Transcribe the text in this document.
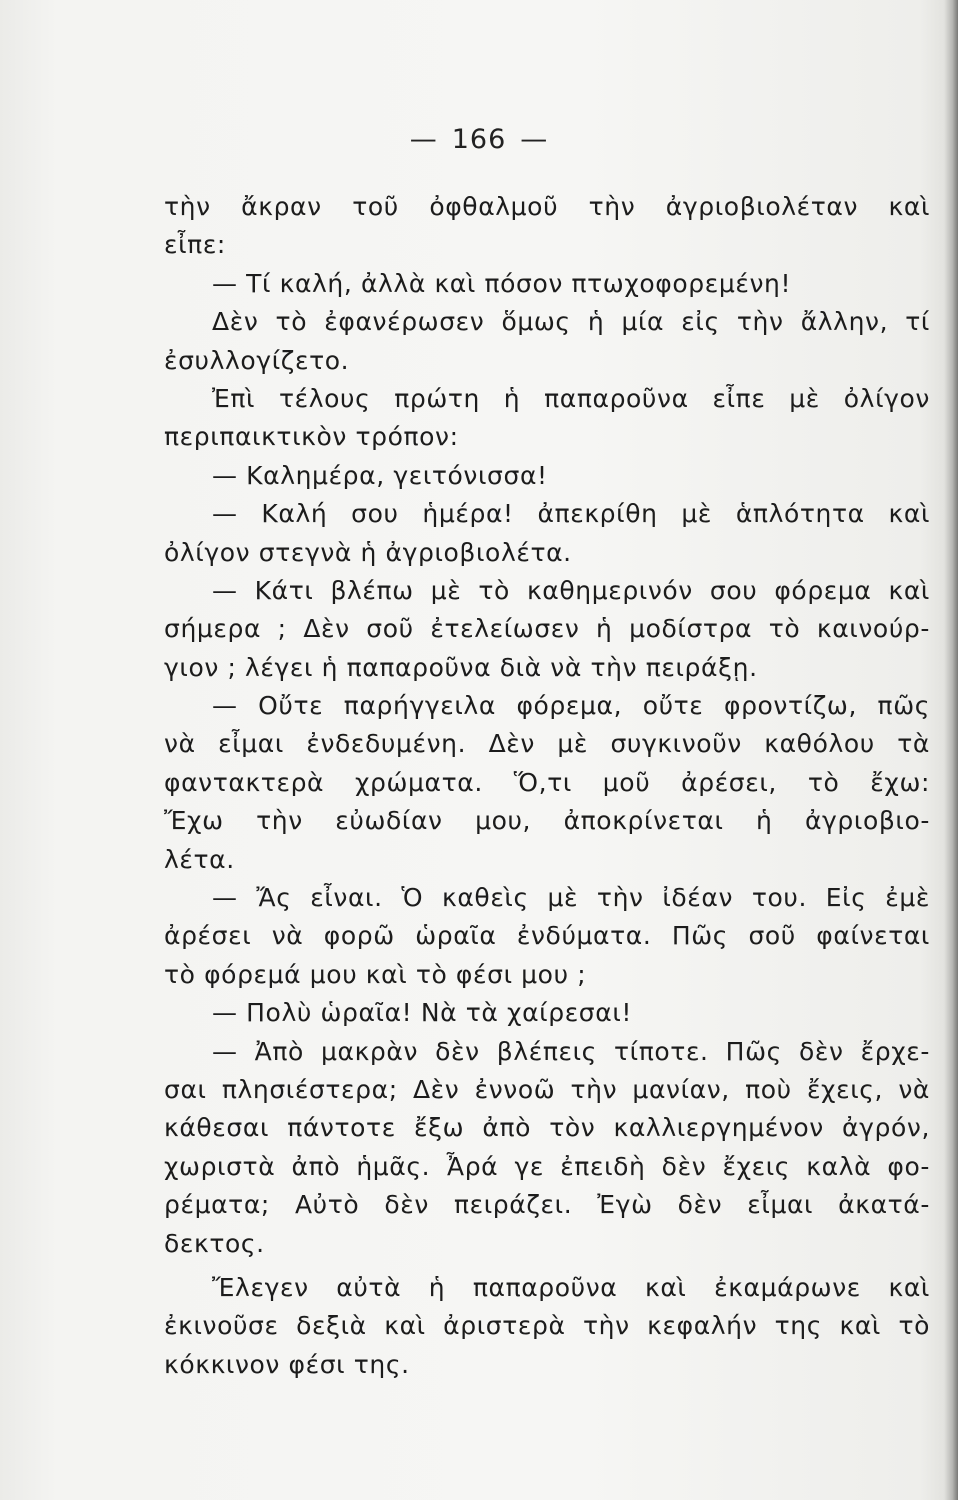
— 166 —
τὴν ἄκραν τοῦ ὀφθαλμοῦ τὴν ἀγριοβιολέταν καὶ
εἶπε:
— Τί καλή, ἀλλὰ καὶ πόσον πτωχοφορεμένη!
Δὲν τὸ ἐφανέρωσεν ὅμως ἡ μία εἰς τὴν ἄλλην, τί
ἐσυλλογίζετο.
Ἐπὶ τέλους πρώτη ἡ παπαροῦνα εἶπε μὲ ὀλίγον
περιπαικτικὸν τρόπον:
— Καλημέρα, γειτόνισσα!
— Καλή σου ἡμέρα! ἀπεκρίθη μὲ ἁπλότητα καὶ
ὀλίγον στεγνὰ ἡ ἀγριοβιολέτα.
— Κάτι βλέπω μὲ τὸ καθημερινόν σου φόρεμα καὶ
σήμερα ; Δὲν σοῦ ἐτελείωσεν ἡ μοδίστρα τὸ καινούρ-
γιον ; λέγει ἡ παπαροῦνα διὰ νὰ τὴν πειράξῃ.
— Οὔτε παρήγγειλα φόρεμα, οὔτε φροντίζω, πῶς
νὰ εἶμαι ἐνδεδυμένη. Δὲν μὲ συγκινοῦν καθόλου τὰ
φαντακτερὰ χρώματα. Ὅ,τι μοῦ ἀρέσει, τὸ ἔχω:
Ἔχω τὴν εὐωδίαν μου, ἀποκρίνεται ἡ ἀγριοβιο-
λέτα.
— Ἄς εἶναι. Ὁ καθεὶς μὲ τὴν ἰδέαν του. Εἰς ἐμὲ
ἀρέσει νὰ φορῶ ὡραῖα ἐνδύματα. Πῶς σοῦ φαίνεται
τὸ φόρεμά μου καὶ τὸ φέσι μου ;
— Πολὺ ὡραῖα! Νὰ τὰ χαίρεσαι!
— Ἀπὸ μακρὰν δὲν βλέπεις τίποτε. Πῶς δὲν ἔρχε-
σαι πλησιέστερα; Δὲν ἐννοῶ τὴν μανίαν, ποὺ ἔχεις, νὰ
κάθεσαι πάντοτε ἔξω ἀπὸ τὸν καλλιεργημένον ἀγρόν,
χωριστὰ ἀπὸ ἡμᾶς. Ἆρά γε ἐπειδὴ δὲν ἔχεις καλὰ φο-
ρέματα; Αὐτὸ δὲν πειράζει. Ἐγὼ δὲν εἶμαι ἀκατά-
δεκτος.
Ἔλεγεν αὐτὰ ἡ παπαροῦνα καὶ ἐκαμάρωνε καὶ
ἐκινοῦσε δεξιὰ καὶ ἀριστερὰ τὴν κεφαλήν της καὶ τὸ
κόκκινον φέσι της.
